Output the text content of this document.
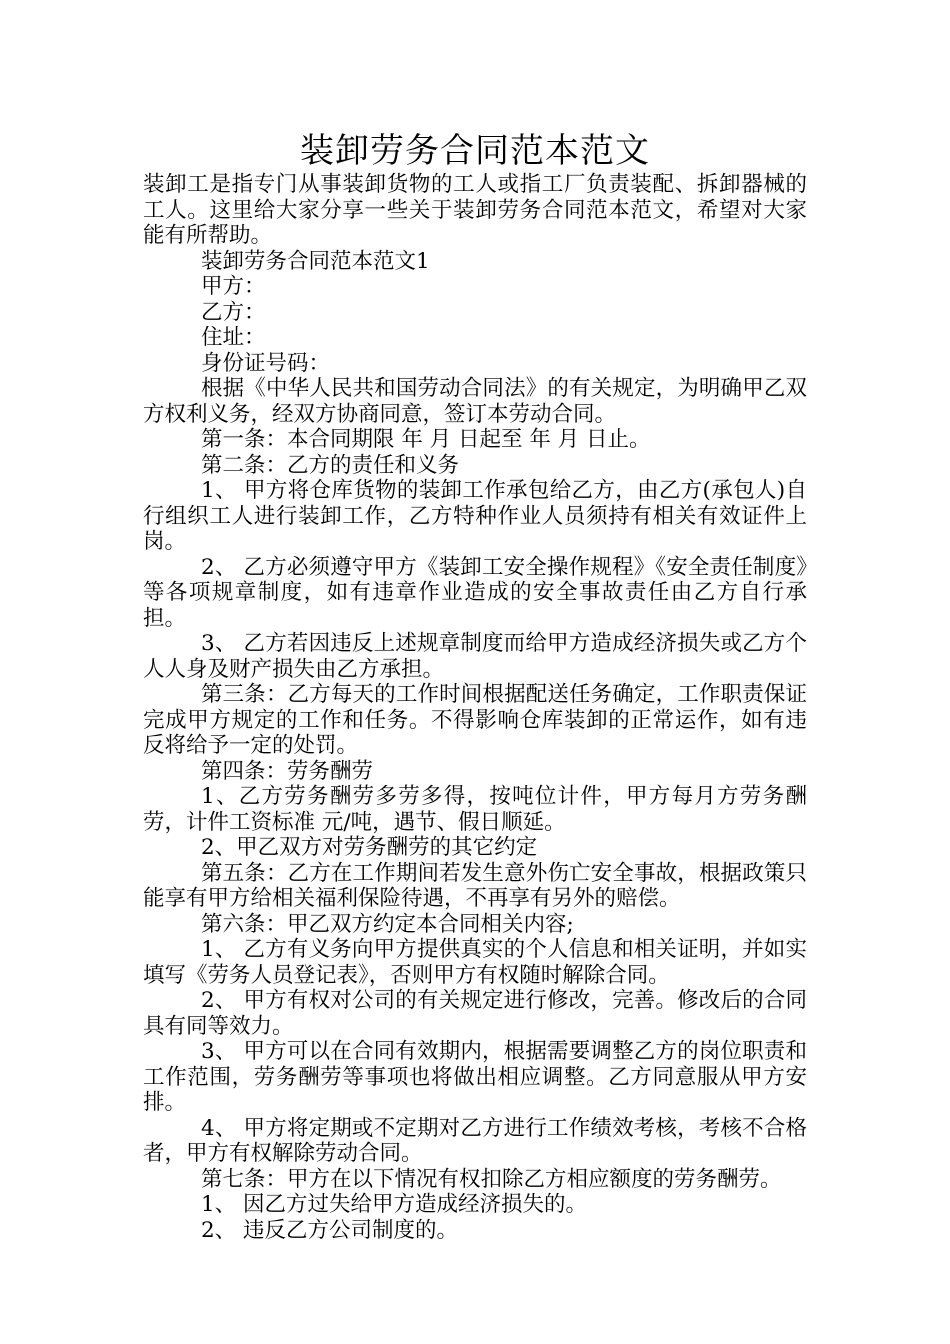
装卸劳务合同范本范文

装卸工是指专门从事装卸货物的工人或指工厂负责装配、拆卸器械的工人。这里给大家分享一些关于装卸劳务合同范本范文，希望对大家能有所帮助。

装卸劳务合同范本范文1

甲方：

乙方：

住址：

身份证号码：

根据《中华人民共和国劳动合同法》的有关规定，为明确甲乙双方权利义务，经双方协商同意，签订本劳动合同。

第一条：本合同期限 年 月 日起至 年 月 日止。

第二条：乙方的责任和义务

1、 甲方将仓库货物的装卸工作承包给乙方，由乙方(承包人)自行组织工人进行装卸工作，乙方特种作业人员须持有相关有效证件上岗。

2、 乙方必须遵守甲方《装卸工安全操作规程》《安全责任制度》等各项规章制度，如有违章作业造成的安全事故责任由乙方自行承担。

3、 乙方若因违反上述规章制度而给甲方造成经济损失或乙方个人人身及财产损失由乙方承担。

第三条：乙方每天的工作时间根据配送任务确定，工作职责保证完成甲方规定的工作和任务。不得影响仓库装卸的正常运作，如有违反将给予一定的处罚。

第四条：劳务酬劳

1、乙方劳务酬劳多劳多得，按吨位计件，甲方每月方劳务酬劳，计件工资标准 元/吨，遇节、假日顺延。

2、甲乙双方对劳务酬劳的其它约定

第五条：乙方在工作期间若发生意外伤亡安全事故，根据政策只能享有甲方给相关福利保险待遇，不再享有另外的赔偿。

第六条：甲乙双方约定本合同相关内容;

1、 乙方有义务向甲方提供真实的个人信息和相关证明，并如实填写《劳务人员登记表》，否则甲方有权随时解除合同。

2、 甲方有权对公司的有关规定进行修改，完善。修改后的合同具有同等效力。

3、 甲方可以在合同有效期内，根据需要调整乙方的岗位职责和工作范围，劳务酬劳等事项也将做出相应调整。乙方同意服从甲方安排。

4、 甲方将定期或不定期对乙方进行工作绩效考核，考核不合格者，甲方有权解除劳动合同。

第七条：甲方在以下情况有权扣除乙方相应额度的劳务酬劳。

1、 因乙方过失给甲方造成经济损失的。

2、 违反乙方公司制度的。
